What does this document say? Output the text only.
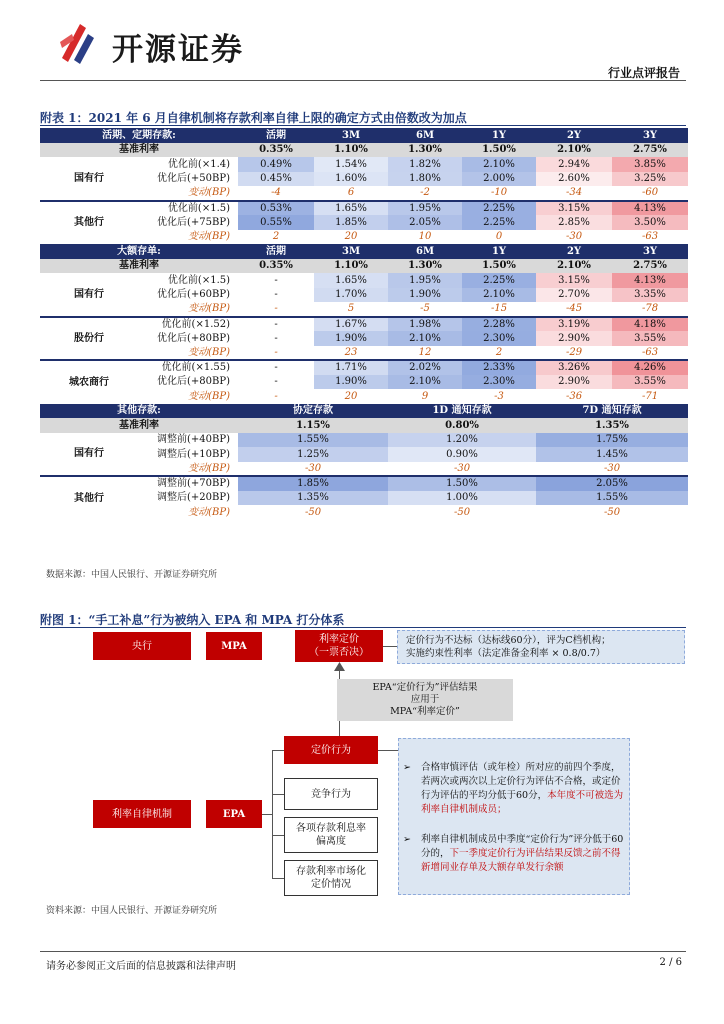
开源证券
行业点评报告
附表 1：2021 年 6 月自律机制将存款利率自律上限的确定方式由倍数改为加点
活期、定期存款:		活期	3M	6M	1Y	2Y	3Y
基准利率		0.35%	1.10%	1.30%	1.50%	2.10%	2.75%
国有行	优化前(×1.4)	0.49%	1.54%	1.82%	2.10%	2.94%	3.85%
	优化后(+50BP)	0.45%	1.60%	1.80%	2.00%	2.60%	3.25%
	变动(BP)	-4	6	-2	-10	-34	-60
其他行	优化前(×1.5)	0.53%	1.65%	1.95%	2.25%	3.15%	4.13%
	优化后(+75BP)	0.55%	1.85%	2.05%	2.25%	2.85%	3.50%
	变动(BP)	2	20	10	0	-30	-63
大额存单:		活期	3M	6M	1Y	2Y	3Y
基准利率		0.35%	1.10%	1.30%	1.50%	2.10%	2.75%
国有行	优化前(×1.5)	-	1.65%	1.95%	2.25%	3.15%	4.13%
	优化后(+60BP)	-	1.70%	1.90%	2.10%	2.70%	3.35%
	变动(BP)	-	5	-5	-15	-45	-78
股份行	优化前(×1.52)	-	1.67%	1.98%	2.28%	3.19%	4.18%
	优化后(+80BP)	-	1.90%	2.10%	2.30%	2.90%	3.55%
	变动(BP)	-	23	12	2	-29	-63
城农商行	优化前(×1.55)	-	1.71%	2.02%	2.33%	3.26%	4.26%
	优化后(+80BP)	-	1.90%	2.10%	2.30%	2.90%	3.55%
	变动(BP)	-	20	9	-3	-36	-71
其他存款:		协定存款		1D 通知存款		7D 通知存款	
基准利率		1.15%		0.80%		1.35%	
国有行	调整前(+40BP)	1.55%		1.20%		1.75%	
	调整后(+10BP)	1.25%		0.90%		1.45%	
	变动(BP)	-30		-30		-30	
其他行	调整前(+70BP)	1.85%		1.50%		2.05%	
	调整后(+20BP)	1.35%		1.00%		1.55%	
	变动(BP)	-50		-50		-50	
数据来源：中国人民银行、开源证券研究所
附图 1：“手工补息”行为被纳入 EPA 和 MPA 打分体系
央行	MPA
利率定价
（一票否决）
定价行为不达标（达标线60分），评为C档机构；
实施约束性利率（法定准备金利率 × 0.8/0.7）
EPA“定价行为”评估结果
应用于
MPA“利率定价”
利率自律机制	EPA
定价行为
竞争行为
各项存款利息率
偏离度
存款利率市场化
定价情况
➢	合格审慎评估（或年检）所对应的前四个季度，若两次或两次以上定价行为评估不合格，或定价行为评估的平均分低于60分，本年度不可被选为利率自律机制成员；
➢	利率自律机制成员中季度“定价行为”评分低于60分的，下一季度定价行为评估结果反馈之前不得新增同业存单及大额存单发行余额
资料来源：中国人民银行、开源证券研究所
请务必参阅正文后面的信息披露和法律声明	2 / 6
